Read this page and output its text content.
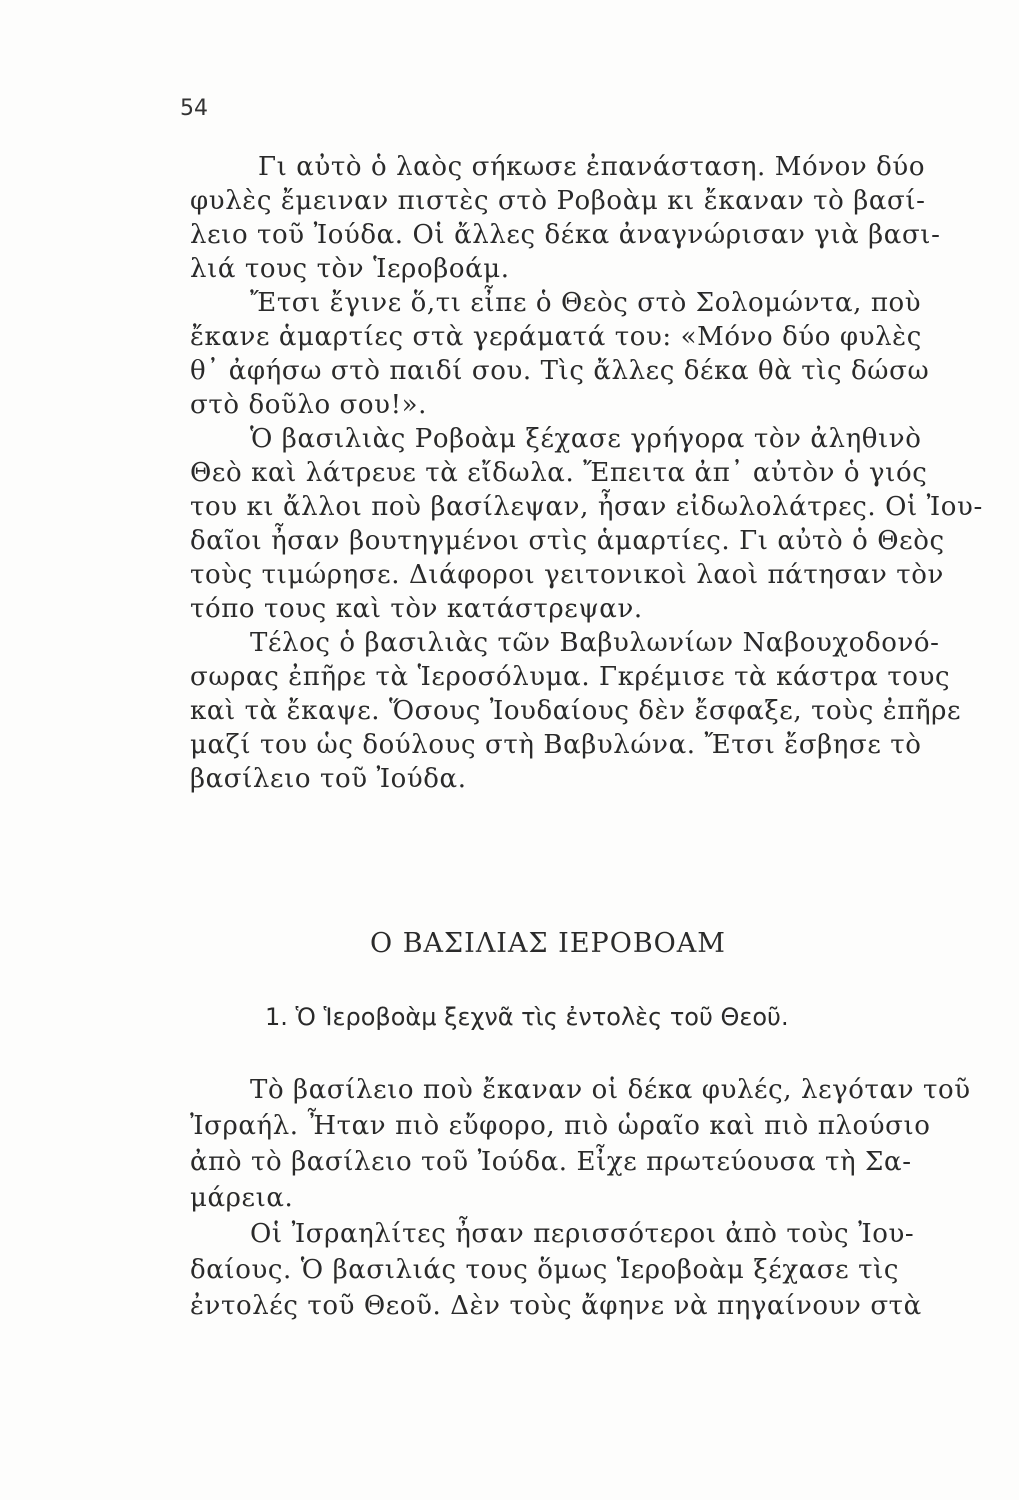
54
Γι αὐτὸ ὁ λαὸς σήκωσε ἐπανάσταση. Μόνον δύο
φυλὲς ἔμειναν πιστὲς στὸ Ροβοὰμ κι ἔκαναν τὸ βασί-
λειο τοῦ Ἰούδα. Οἱ ἄλλες δέκα ἀναγνώρισαν γιὰ βασι-
λιά τους τὸν Ἱεροβοάμ.
Ἔτσι ἔγινε ὅ,τι εἶπε ὁ Θεὸς στὸ Σολομώντα, ποὺ
ἔκανε ἁμαρτίες στὰ γεράματά του: «Μόνο δύο φυλὲς
θ᾽ ἀφήσω στὸ παιδί σου. Τὶς ἄλλες δέκα θὰ τὶς δώσω
στὸ δοῦλο σου!».
Ὁ βασιλιὰς Ροβοὰμ ξέχασε γρήγορα τὸν ἀληθινὸ
Θεὸ καὶ λάτρευε τὰ εἴδωλα. Ἔπειτα ἀπ᾽ αὐτὸν ὁ γιός
του κι ἄλλοι ποὺ βασίλεψαν, ἦσαν εἰδωλολάτρες. Οἱ Ἰου-
δαῖοι ἦσαν βουτηγμένοι στὶς ἁμαρτίες. Γι αὐτὸ ὁ Θεὸς
τοὺς τιμώρησε. Διάφοροι γειτονικοὶ λαοὶ πάτησαν τὸν
τόπο τους καὶ τὸν κατάστρεψαν.
Τέλος ὁ βασιλιὰς τῶν Βαβυλωνίων Ναβουχοδονό-
σωρας ἐπῆρε τὰ Ἱεροσόλυμα. Γκρέμισε τὰ κάστρα τους
καὶ τὰ ἔκαψε. Ὅσους Ἰουδαίους δὲν ἔσφαξε, τοὺς ἐπῆρε
μαζί του ὡς δούλους στὴ Βαβυλώνα. Ἔτσι ἔσβησε τὸ
βασίλειο τοῦ Ἰούδα.
Ο ΒΑΣΙΛΙΑΣ ΙΕΡΟΒΟΑΜ
1. Ὁ Ἱεροβοὰμ ξεχνᾶ τὶς ἐντολὲς τοῦ Θεοῦ.
Τὸ βασίλειο ποὺ ἔκαναν οἱ δέκα φυλές, λεγόταν τοῦ
Ἰσραήλ. Ἦταν πιὸ εὔφορο, πιὸ ὡραῖο καὶ πιὸ πλούσιο
ἀπὸ τὸ βασίλειο τοῦ Ἰούδα. Εἶχε πρωτεύουσα τὴ Σα-
μάρεια.
Οἱ Ἰσραηλίτες ἦσαν περισσότεροι ἀπὸ τοὺς Ἰου-
δαίους. Ὁ βασιλιάς τους ὅμως Ἱεροβοὰμ ξέχασε τὶς
ἐντολές τοῦ Θεοῦ. Δὲν τοὺς ἄφηνε νὰ πηγαίνουν στὰ
